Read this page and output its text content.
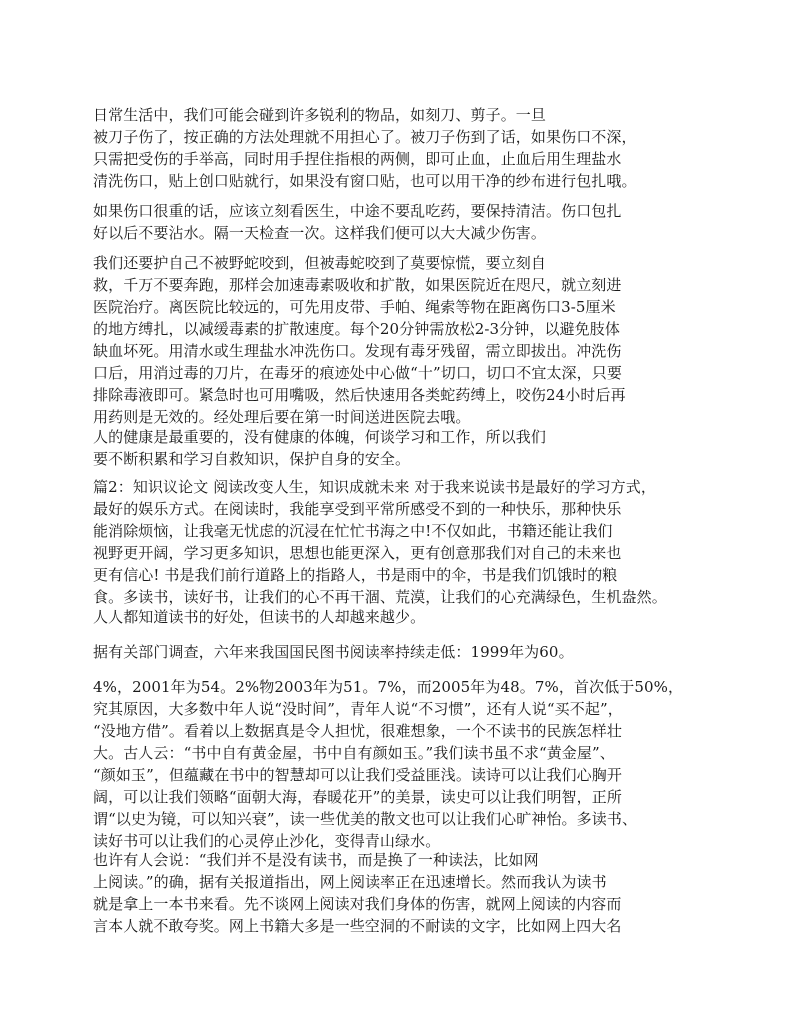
日常生活中，我们可能会碰到许多锐利的物品，如刻刀、剪子。一旦
被刀子伤了，按正确的方法处理就不用担心了。被刀子伤到了话，如果伤口不深，
只需把受伤的手举高，同时用手捏住指根的两侧，即可止血，止血后用生理盐水
清洗伤口，贴上创口贴就行，如果没有窗口贴，也可以用干净的纱布进行包扎哦。
如果伤口很重的话，应该立刻看医生，中途不要乱吃药，要保持清洁。伤口包扎
好以后不要沾水。隔一天检查一次。这样我们便可以大大减少伤害。
我们还要护自己不被野蛇咬到，但被毒蛇咬到了莫要惊慌，要立刻自
救，千万不要奔跑，那样会加速毒素吸收和扩散，如果医院近在咫尺，就立刻进
医院治疗。离医院比较远的，可先用皮带、手帕、绳索等物在距离伤口3-5厘米
的地方缚扎，以减缓毒素的扩散速度。每个20分钟需放松2-3分钟，以避免肢体
缺血坏死。用清水或生理盐水冲洗伤口。发现有毒牙残留，需立即拔出。冲洗伤
口后，用消过毒的刀片，在毒牙的痕迹处中心做“十”切口，切口不宜太深，只要
排除毒液即可。紧急时也可用嘴吸，然后快速用各类蛇药缚上，咬伤24小时后再
用药则是无效的。经处理后要在第一时间送进医院去哦。
人的健康是最重要的，没有健康的体魄，何谈学习和工作，所以我们
要不断积累和学习自救知识，保护自身的安全。
篇2：知识议论文 阅读改变人生，知识成就未来 对于我来说读书是最好的学习方式，
最好的娱乐方式。在阅读时，我能享受到平常所感受不到的一种快乐，那种快乐
能消除烦恼，让我毫无忧虑的沉浸在忙忙书海之中!不仅如此，书籍还能让我们
视野更开阔，学习更多知识，思想也能更深入，更有创意那我们对自己的未来也
更有信心! 书是我们前行道路上的指路人，书是雨中的伞，书是我们饥饿时的粮
食。多读书，读好书，让我们的心不再干涸、荒漠，让我们的心充满绿色，生机盎然。
人人都知道读书的好处，但读书的人却越来越少。
据有关部门调查，六年来我国国民图书阅读率持续走低：1999年为60。
4%，2001年为54。2%物2003年为51。7%，而2005年为48。7%，首次低于50%，
究其原因，大多数中年人说“没时间”，青年人说“不习惯”，还有人说“买不起”，
“没地方借”。看着以上数据真是令人担忧，很难想象，一个不读书的民族怎样壮
大。古人云：“书中自有黄金屋，书中自有颜如玉。”我们读书虽不求“黄金屋”、
“颜如玉”，但蕴藏在书中的智慧却可以让我们受益匪浅。读诗可以让我们心胸开
阔，可以让我们领略“面朝大海，春暖花开”的美景，读史可以让我们明智，正所
谓“以史为镜，可以知兴衰”，读一些优美的散文也可以让我们心旷神怡。多读书、
读好书可以让我们的心灵停止沙化，变得青山绿水。
也许有人会说：“我们并不是没有读书，而是换了一种读法，比如网
上阅读。”的确，据有关报道指出，网上阅读率正在迅速增长。然而我认为读书
就是拿上一本书来看。先不谈网上阅读对我们身体的伤害，就网上阅读的内容而
言本人就不敢夸奖。网上书籍大多是一些空洞的不耐读的文字，比如网上四大名
